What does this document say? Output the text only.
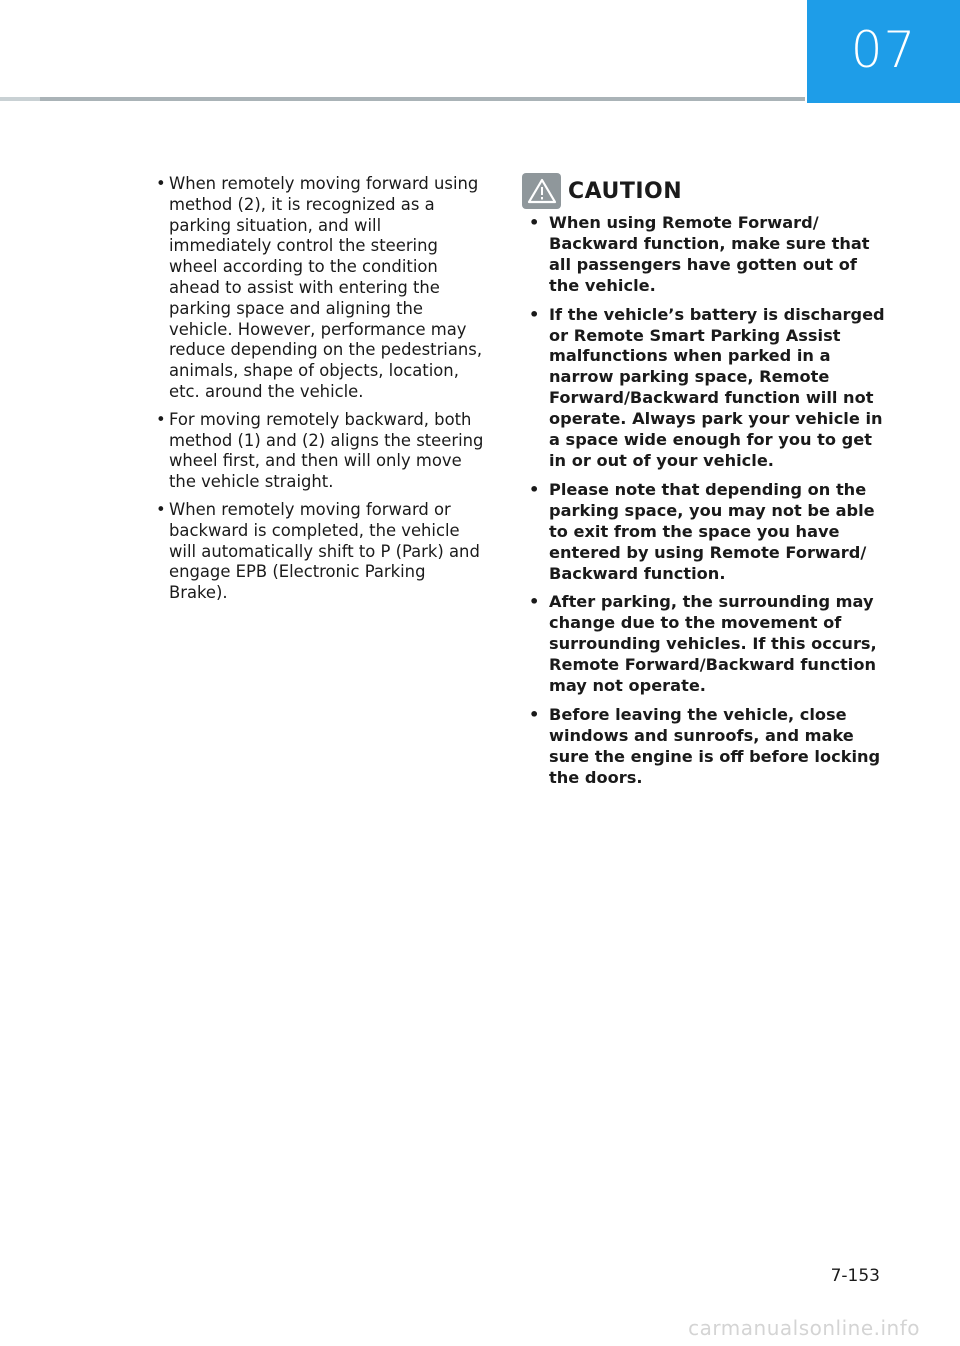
07
• When remotely moving forward using method (2), it is recognized as a parking situation, and will immediately control the steering wheel according to the condition ahead to assist with entering the parking space and aligning the vehicle. However, performance may reduce depending on the pedestrians, animals, shape of objects, location, etc. around the vehicle.
• For moving remotely backward, both method (1) and (2) aligns the steering wheel first, and then will only move the vehicle straight.
• When remotely moving forward or backward is completed, the vehicle will automatically shift to P (Park) and engage EPB (Electronic Parking Brake).
CAUTION
• When using Remote Forward/ Backward function, make sure that all passengers have gotten out of the vehicle.
• If the vehicle’s battery is discharged or Remote Smart Parking Assist malfunctions when parked in a narrow parking space, Remote Forward/Backward function will not operate. Always park your vehicle in a space wide enough for you to get in or out of your vehicle.
• Please note that depending on the parking space, you may not be able to exit from the space you have entered by using Remote Forward/ Backward function.
• After parking, the surrounding may change due to the movement of surrounding vehicles. If this occurs, Remote Forward/Backward function may not operate.
• Before leaving the vehicle, close windows and sunroofs, and make sure the engine is off before locking the doors.
7-153
carmanualsonline.info
